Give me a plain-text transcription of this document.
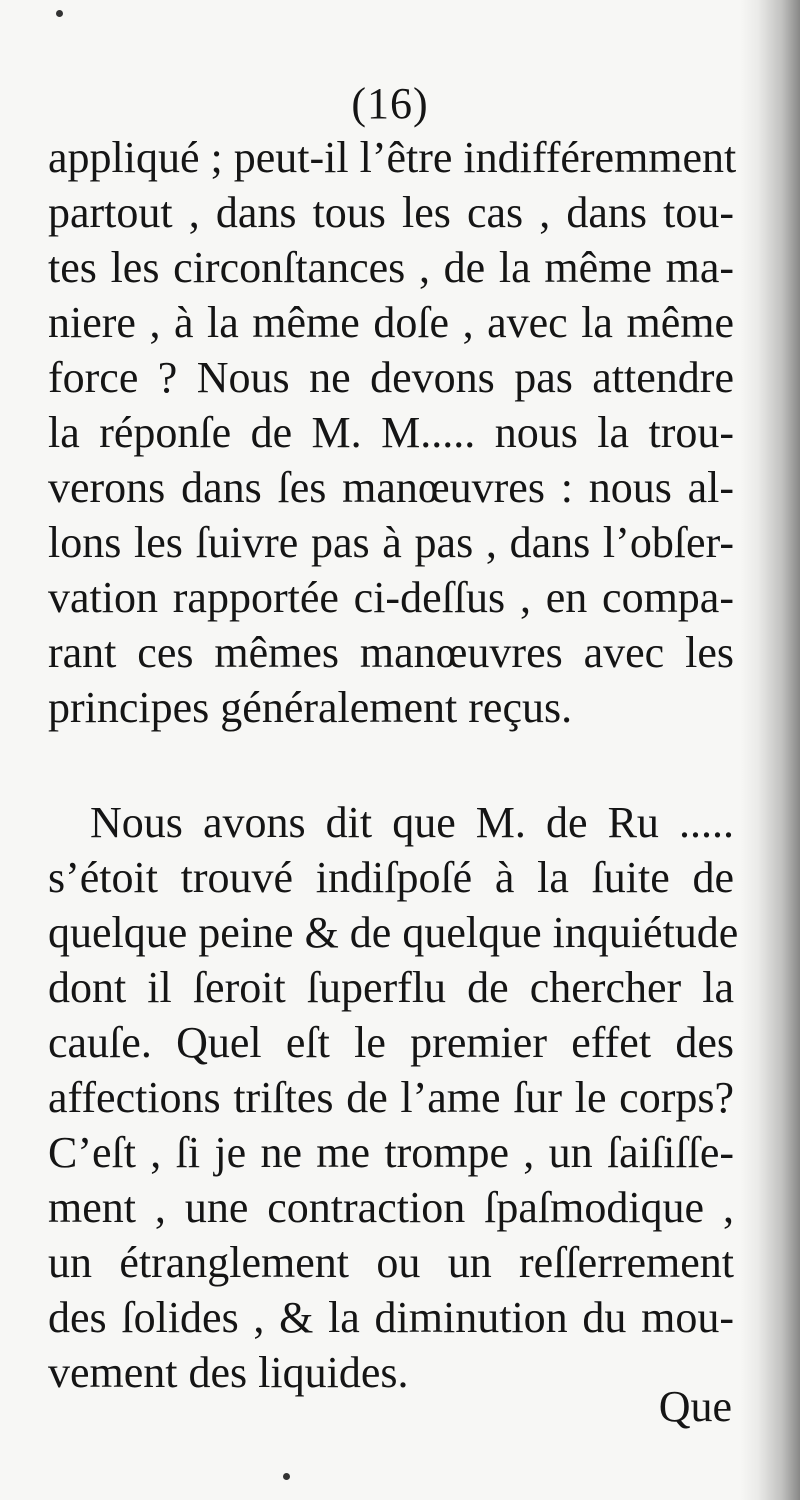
(16)
appliqué ; peut-il l’être indifféremment
partout , dans tous les cas , dans tou-
tes les circonſtances , de la même ma-
niere , à la même doſe , avec la même
force ? Nous ne devons pas attendre
la réponſe de M. M..... nous la trou-
verons dans ſes manœuvres : nous al-
lons les ſuivre pas à pas , dans l’obſer-
vation rapportée ci-deſſus , en compa-
rant ces mêmes manœuvres avec les
principes généralement reçus.
Nous avons dit que M. de Ru .....
s’étoit trouvé indiſpoſé à la ſuite de
quelque peine & de quelque inquiétude
dont il ſeroit ſuperflu de chercher la
cauſe. Quel eſt le premier effet des
affections triſtes de l’ame ſur le corps?
C’eſt , ſi je ne me trompe , un ſaiſiſſe-
ment , une contraction ſpaſmodique ,
un étranglement ou un reſſerrement
des ſolides , & la diminution du mou-
vement des liquides.
Que
